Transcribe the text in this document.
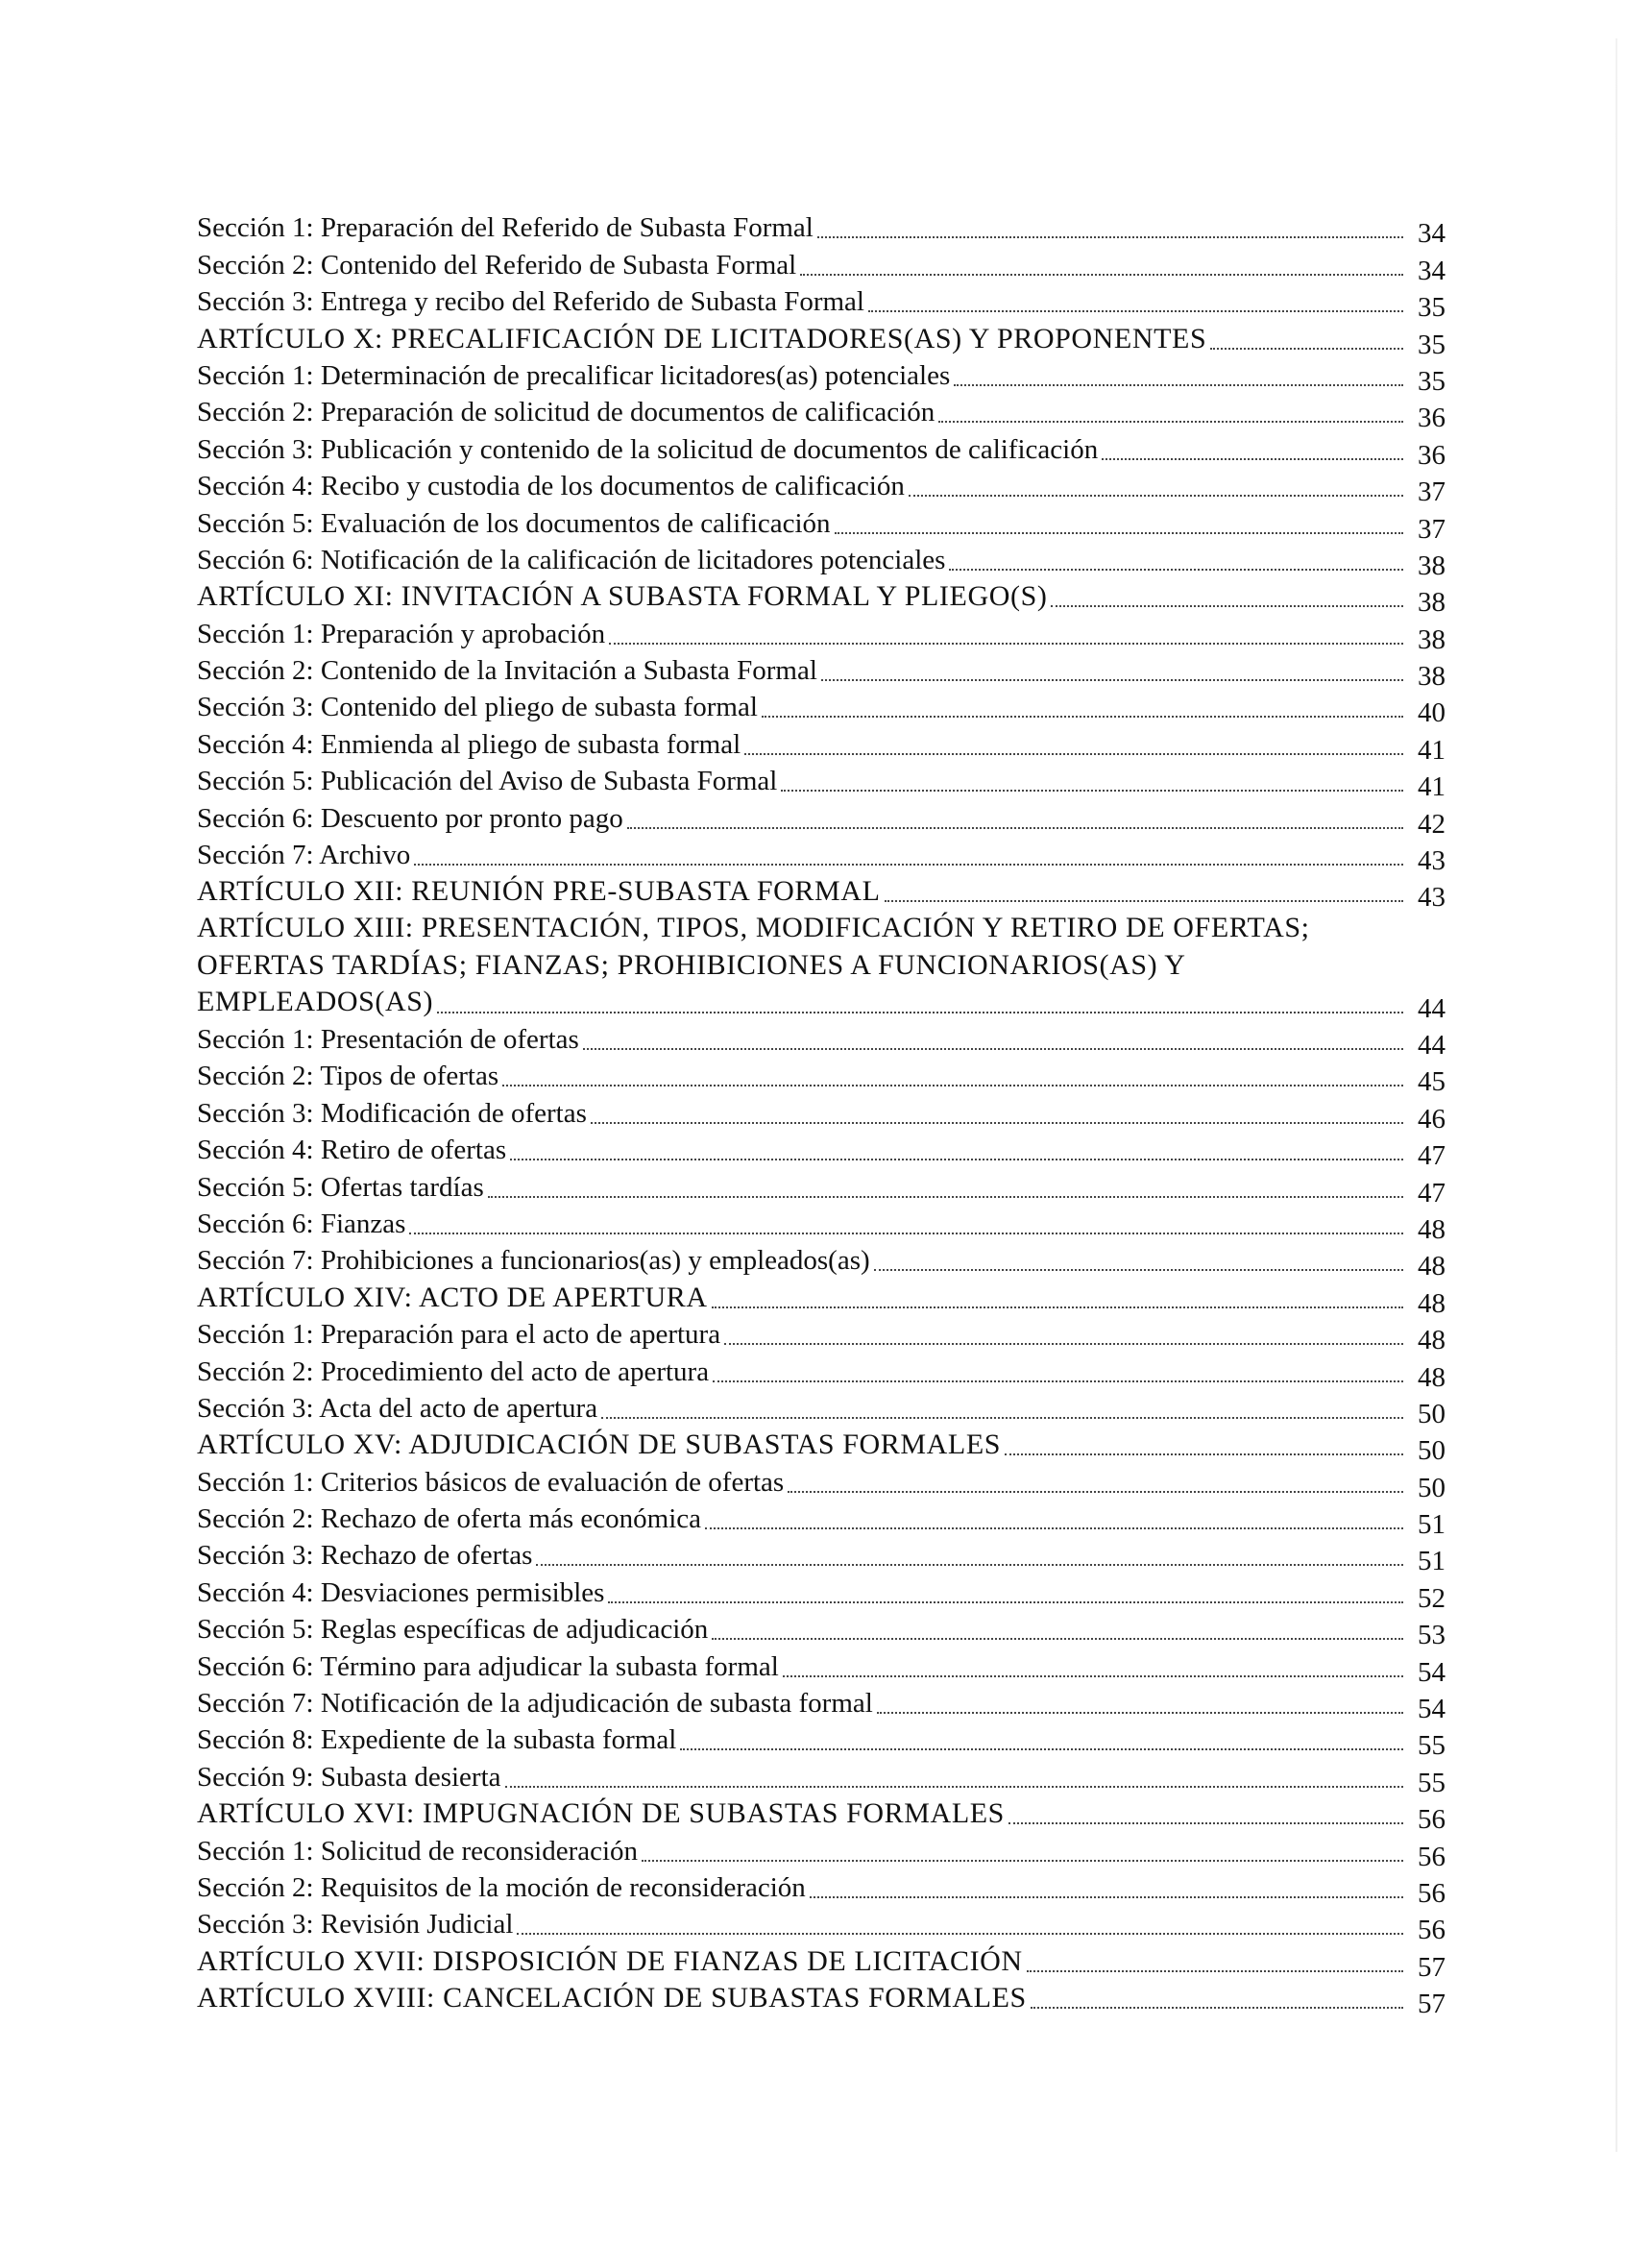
Sección 1: Preparación del Referido de Subasta Formal	34
Sección 2: Contenido del Referido de Subasta Formal	34
Sección 3: Entrega y recibo del Referido de Subasta Formal	35
ARTÍCULO X: PRECALIFICACIÓN DE LICITADORES(AS) Y PROPONENTES	35
Sección 1: Determinación de precalificar licitadores(as) potenciales	35
Sección 2: Preparación de solicitud de documentos de calificación	36
Sección 3: Publicación y contenido de la solicitud de documentos de calificación	36
Sección 4: Recibo y custodia de los documentos de calificación	37
Sección 5: Evaluación de los documentos de calificación	37
Sección 6: Notificación de la calificación de licitadores potenciales	38
ARTÍCULO XI: INVITACIÓN A SUBASTA FORMAL Y PLIEGO(S)	38
Sección 1: Preparación y aprobación	38
Sección 2: Contenido de la Invitación a Subasta Formal	38
Sección 3: Contenido del pliego de subasta formal	40
Sección 4: Enmienda al pliego de subasta formal	41
Sección 5: Publicación del Aviso de Subasta Formal	41
Sección 6: Descuento por pronto pago	42
Sección 7: Archivo	43
ARTÍCULO XII: REUNIÓN PRE-SUBASTA FORMAL	43
ARTÍCULO XIII: PRESENTACIÓN, TIPOS, MODIFICACIÓN Y RETIRO DE OFERTAS;
OFERTAS TARDÍAS; FIANZAS; PROHIBICIONES A FUNCIONARIOS(AS) Y
EMPLEADOS(AS)	44
Sección 1: Presentación de ofertas	44
Sección 2: Tipos de ofertas	45
Sección 3: Modificación de ofertas	46
Sección 4: Retiro de ofertas	47
Sección 5: Ofertas tardías	47
Sección 6: Fianzas	48
Sección 7: Prohibiciones a funcionarios(as) y empleados(as)	48
ARTÍCULO XIV: ACTO DE APERTURA	48
Sección 1: Preparación para el acto de apertura	48
Sección 2: Procedimiento del acto de apertura	48
Sección 3: Acta del acto de apertura	50
ARTÍCULO XV: ADJUDICACIÓN DE SUBASTAS FORMALES	50
Sección 1: Criterios básicos de evaluación de ofertas	50
Sección 2: Rechazo de oferta más económica	51
Sección 3: Rechazo de ofertas	51
Sección 4: Desviaciones permisibles	52
Sección 5: Reglas específicas de adjudicación	53
Sección 6: Término para adjudicar la subasta formal	54
Sección 7: Notificación de la adjudicación de subasta formal	54
Sección 8: Expediente de la subasta formal	55
Sección 9: Subasta desierta	55
ARTÍCULO XVI: IMPUGNACIÓN DE SUBASTAS FORMALES	56
Sección 1: Solicitud de reconsideración	56
Sección 2: Requisitos de la moción de reconsideración	56
Sección 3: Revisión Judicial	56
ARTÍCULO XVII: DISPOSICIÓN DE FIANZAS DE LICITACIÓN	57
ARTÍCULO XVIII: CANCELACIÓN DE SUBASTAS FORMALES	57
